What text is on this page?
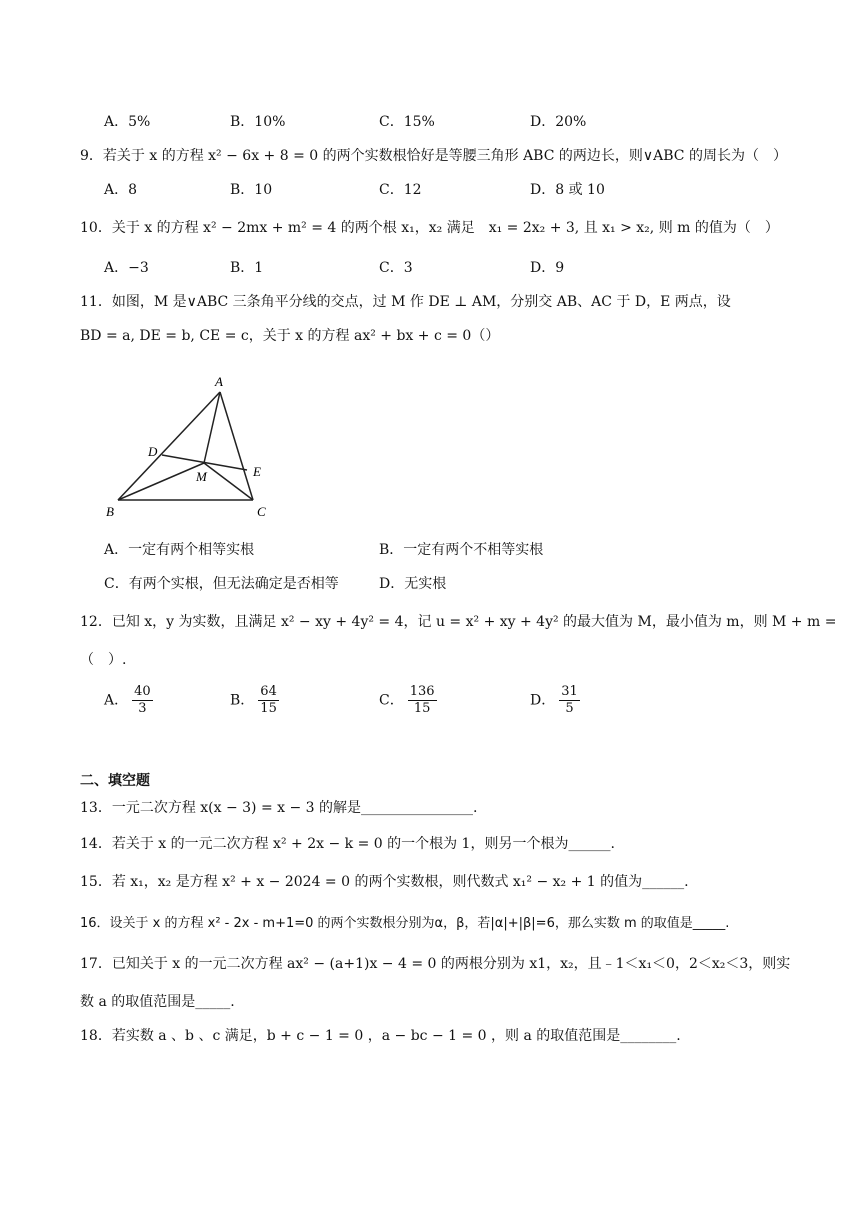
A．5%	B．10%	C．15%	D．20%
9．若关于 x 的方程 x² − 6x + 8 = 0 的两个实数根恰好是等腰三角形 ABC 的两边长，则∨ABC 的周长为（　）
A．8	B．10	C．12	D．8 或 10
10．关于 x 的方程 x² − 2mx + m² = 4 的两个根 x₁，x₂ 满足　x₁ = 2x₂ + 3, 且 x₁ > x₂, 则 m 的值为（　）
A．−3	B．1	C．3	D．9
11．如图，M 是∨ABC 三条角平分线的交点，过 M 作 DE ⊥ AM，分别交 AB、AC 于 D，E 两点，设
BD = a, DE = b, CE = c，关于 x 的方程 ax² + bx + c = 0（）
A
B	C
D
E
M
A．一定有两个相等实根	B．一定有两个不相等实根
C．有两个实根，但无法确定是否相等	D．无实根
12．已知 x，y 为实数，且满足 x² − xy + 4y² = 4，记 u = x² + xy + 4y² 的最大值为 M，最小值为 m，则 M + m =
（　）.
A． $\frac{40}{3}$	B． $\frac{64}{15}$	C． $\frac{136}{15}$	D． $\frac{31}{5}$
二、填空题
13．一元二次方程 x(x − 3) = x − 3 的解是________________.
14．若关于 x 的一元二次方程 x² + 2x − k = 0 的一个根为 1，则另一个根为______.
15．若 x₁，x₂ 是方程 x² + x − 2024 = 0 的两个实数根，则代数式 x₁² − x₂ + 1 的值为______.
16．设关于 x 的方程 x² - 2x - m+1=0 的两个实数根分别为α，β，若|α|+|β|=6，那么实数 m 的取值是_____.
17．已知关于 x 的一元二次方程 ax² − (a+1)x − 4 = 0 的两根分别为 x1，x₂，且﹣1＜x₁＜0，2＜x₂＜3，则实
数 a 的取值范围是_____.
18．若实数 a 、b 、c 满足，b + c − 1 = 0 ，a − bc − 1 = 0 ，则 a 的取值范围是________.
